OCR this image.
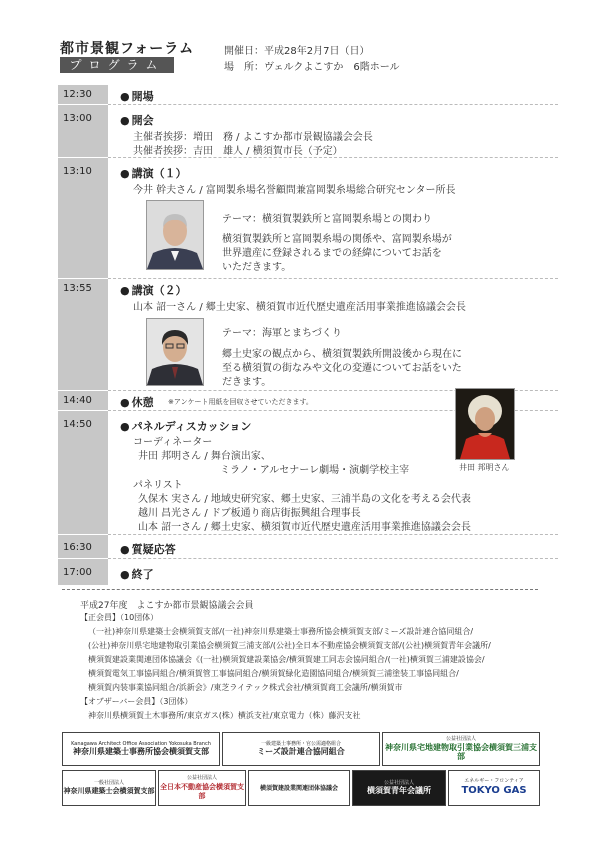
都市景観フォーラム
プログラム
開催日：平成28年2月7日（日）
場　所：ヴェルクよこすか　6階ホール
12:30	● 開場
13:00	● 開会
主催者挨拶：増田　務 / よこすか都市景観協議会会長
共催者挨拶：吉田　雄人 / 横須賀市長（予定）
13:10	● 講演（１）
今井 幹夫さん / 富岡製糸場名誉顧問兼富岡製糸場総合研究センター所長
テーマ：横須賀製鉄所と富岡製糸場との関わり
横須賀製鉄所と富岡製糸場の関係や、富岡製糸場が
世界遺産に登録されるまでの経緯についてお話を
いただきます。
13:55	● 講演（２）
山本 詔一さん / 郷土史家、横須賀市近代歴史遺産活用事業推進協議会会長
テーマ：海軍とまちづくり
郷土史家の観点から、横須賀製鉄所開設後から現在に
至る横須賀の街なみや文化の変遷についてお話をいた
だきます。
14:40	● 休憩 ※アンケート用紙を回収させていただきます。
14:50	● パネルディスカッション
コーディネーター
井田 邦明さん / 舞台演出家、
ミラノ・アルセナーレ劇場・演劇学校主宰	井田 邦明さん
パネリスト
久保木 実さん / 地域史研究家、郷土史家、三浦半島の文化を考える会代表
越川 昌光さん / ドブ板通り商店街振興組合理事長
山本 詔一さん / 郷土史家、横須賀市近代歴史遺産活用事業推進協議会会長
16:30	● 質疑応答
17:00	● 終了
平成27年度　よこすか都市景観協議会会員
【正会員】（10団体）
（一社)神奈川県建築士会横須賀支部/(一社)神奈川県建築士事務所協会横須賀支部/ミーズ設計連合協同組合/
(公社)神奈川県宅地建物取引業協会横須賀三浦支部/(公社)全日本不動産協会横須賀支部/(公社)横須賀青年会議所/
横須賀建設業関連団体協議会《(一社)横須賀建設業協会/横須賀建工同志会協同組合/(一社)横須賀三浦建設協会/
横須賀電気工事協同組合/横須賀管工事協同組合/横須賀緑化造園協同組合/横須賀三浦塗装工事協同組合/
横須賀内装事業協同組合/浜新会》/東芝ライテック株式会社/横須賀商工会議所/横須賀市
【オブザーバー会員】（3団体）
神奈川県横須賀土木事務所/東京ガス(株）横浜支社/東京電力（株）藤沢支社
Kanagawa Architect Office Association Yokosuka Branch
神奈川県建築士事務所協会横須賀支部
一級建築士事務所・官公需適格組合
ミーズ設計連合協同組合
公益社団法人
神奈川県宅地建物取引業協会横須賀三浦支部
一般社団法人
神奈川県建築士会横須賀支部
公益社団法人
全日本不動産協会横須賀支部
横須賀建設業関連団体協議会
公益社団法人
横須賀青年会議所
エネルギー・フロンティア
TOKYO GAS
